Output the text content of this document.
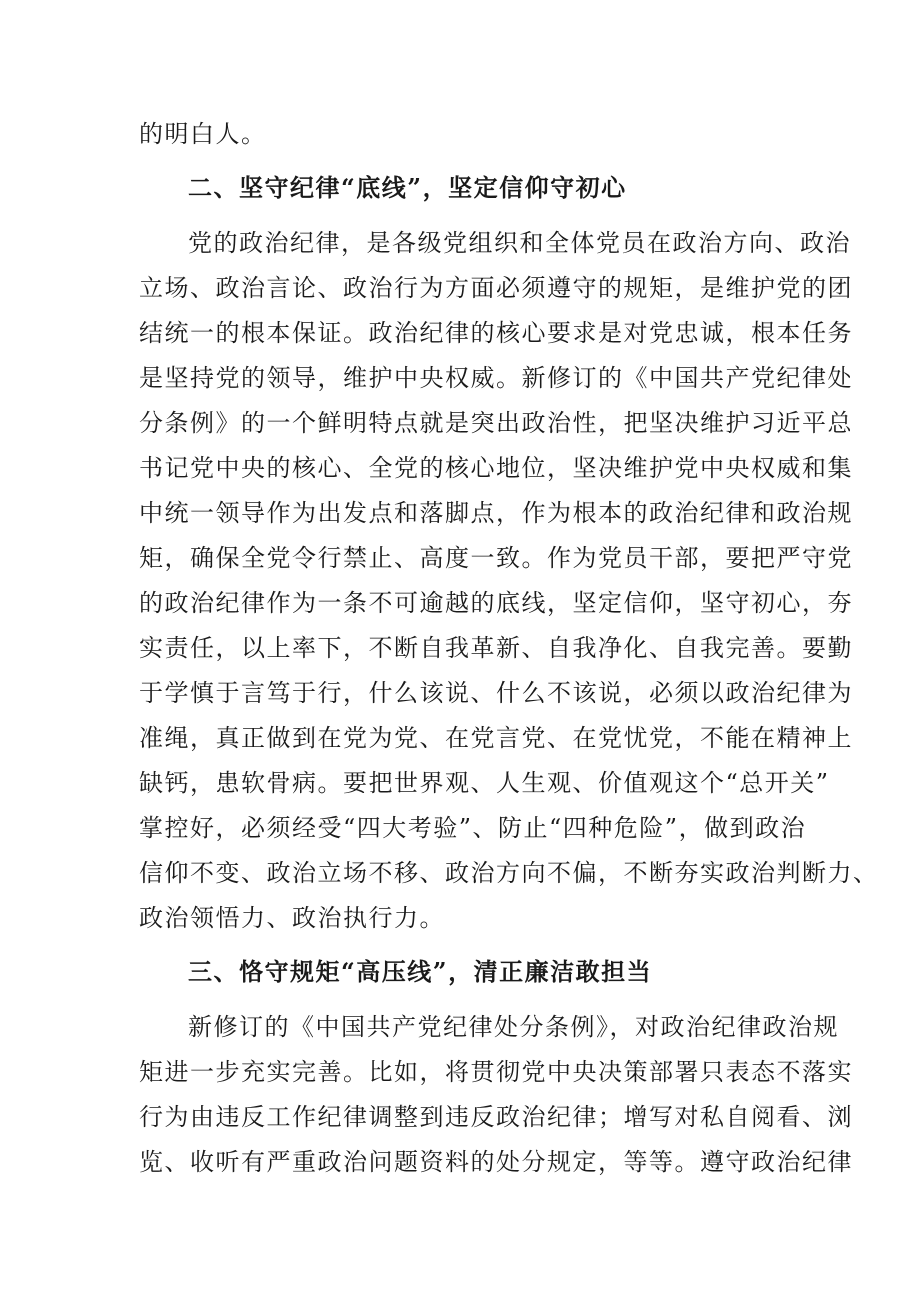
的明白人。
二、坚守纪律“底线”，坚定信仰守初心
党的政治纪律，是各级党组织和全体党员在政治方向、政治
立场、政治言论、政治行为方面必须遵守的规矩，是维护党的团
结统一的根本保证。政治纪律的核心要求是对党忠诚，根本任务
是坚持党的领导，维护中央权威。新修订的《中国共产党纪律处
分条例》的一个鲜明特点就是突出政治性，把坚决维护习近平总
书记党中央的核心、全党的核心地位，坚决维护党中央权威和集
中统一领导作为出发点和落脚点，作为根本的政治纪律和政治规
矩，确保全党令行禁止、高度一致。作为党员干部，要把严守党
的政治纪律作为一条不可逾越的底线，坚定信仰，坚守初心，夯
实责任，以上率下，不断自我革新、自我净化、自我完善。要勤
于学慎于言笃于行，什么该说、什么不该说，必须以政治纪律为
准绳，真正做到在党为党、在党言党、在党忧党，不能在精神上
缺钙，患软骨病。要把世界观、人生观、价值观这个“总开关”
掌控好，必须经受“四大考验”、防止“四种危险”，做到政治
信仰不变、政治立场不移、政治方向不偏，不断夯实政治判断力、
政治领悟力、政治执行力。
三、恪守规矩“高压线”，清正廉洁敢担当
新修订的《中国共产党纪律处分条例》，对政治纪律政治规
矩进一步充实完善。比如，将贯彻党中央决策部署只表态不落实
行为由违反工作纪律调整到违反政治纪律；增写对私自阅看、浏
览、收听有严重政治问题资料的处分规定，等等。遵守政治纪律
